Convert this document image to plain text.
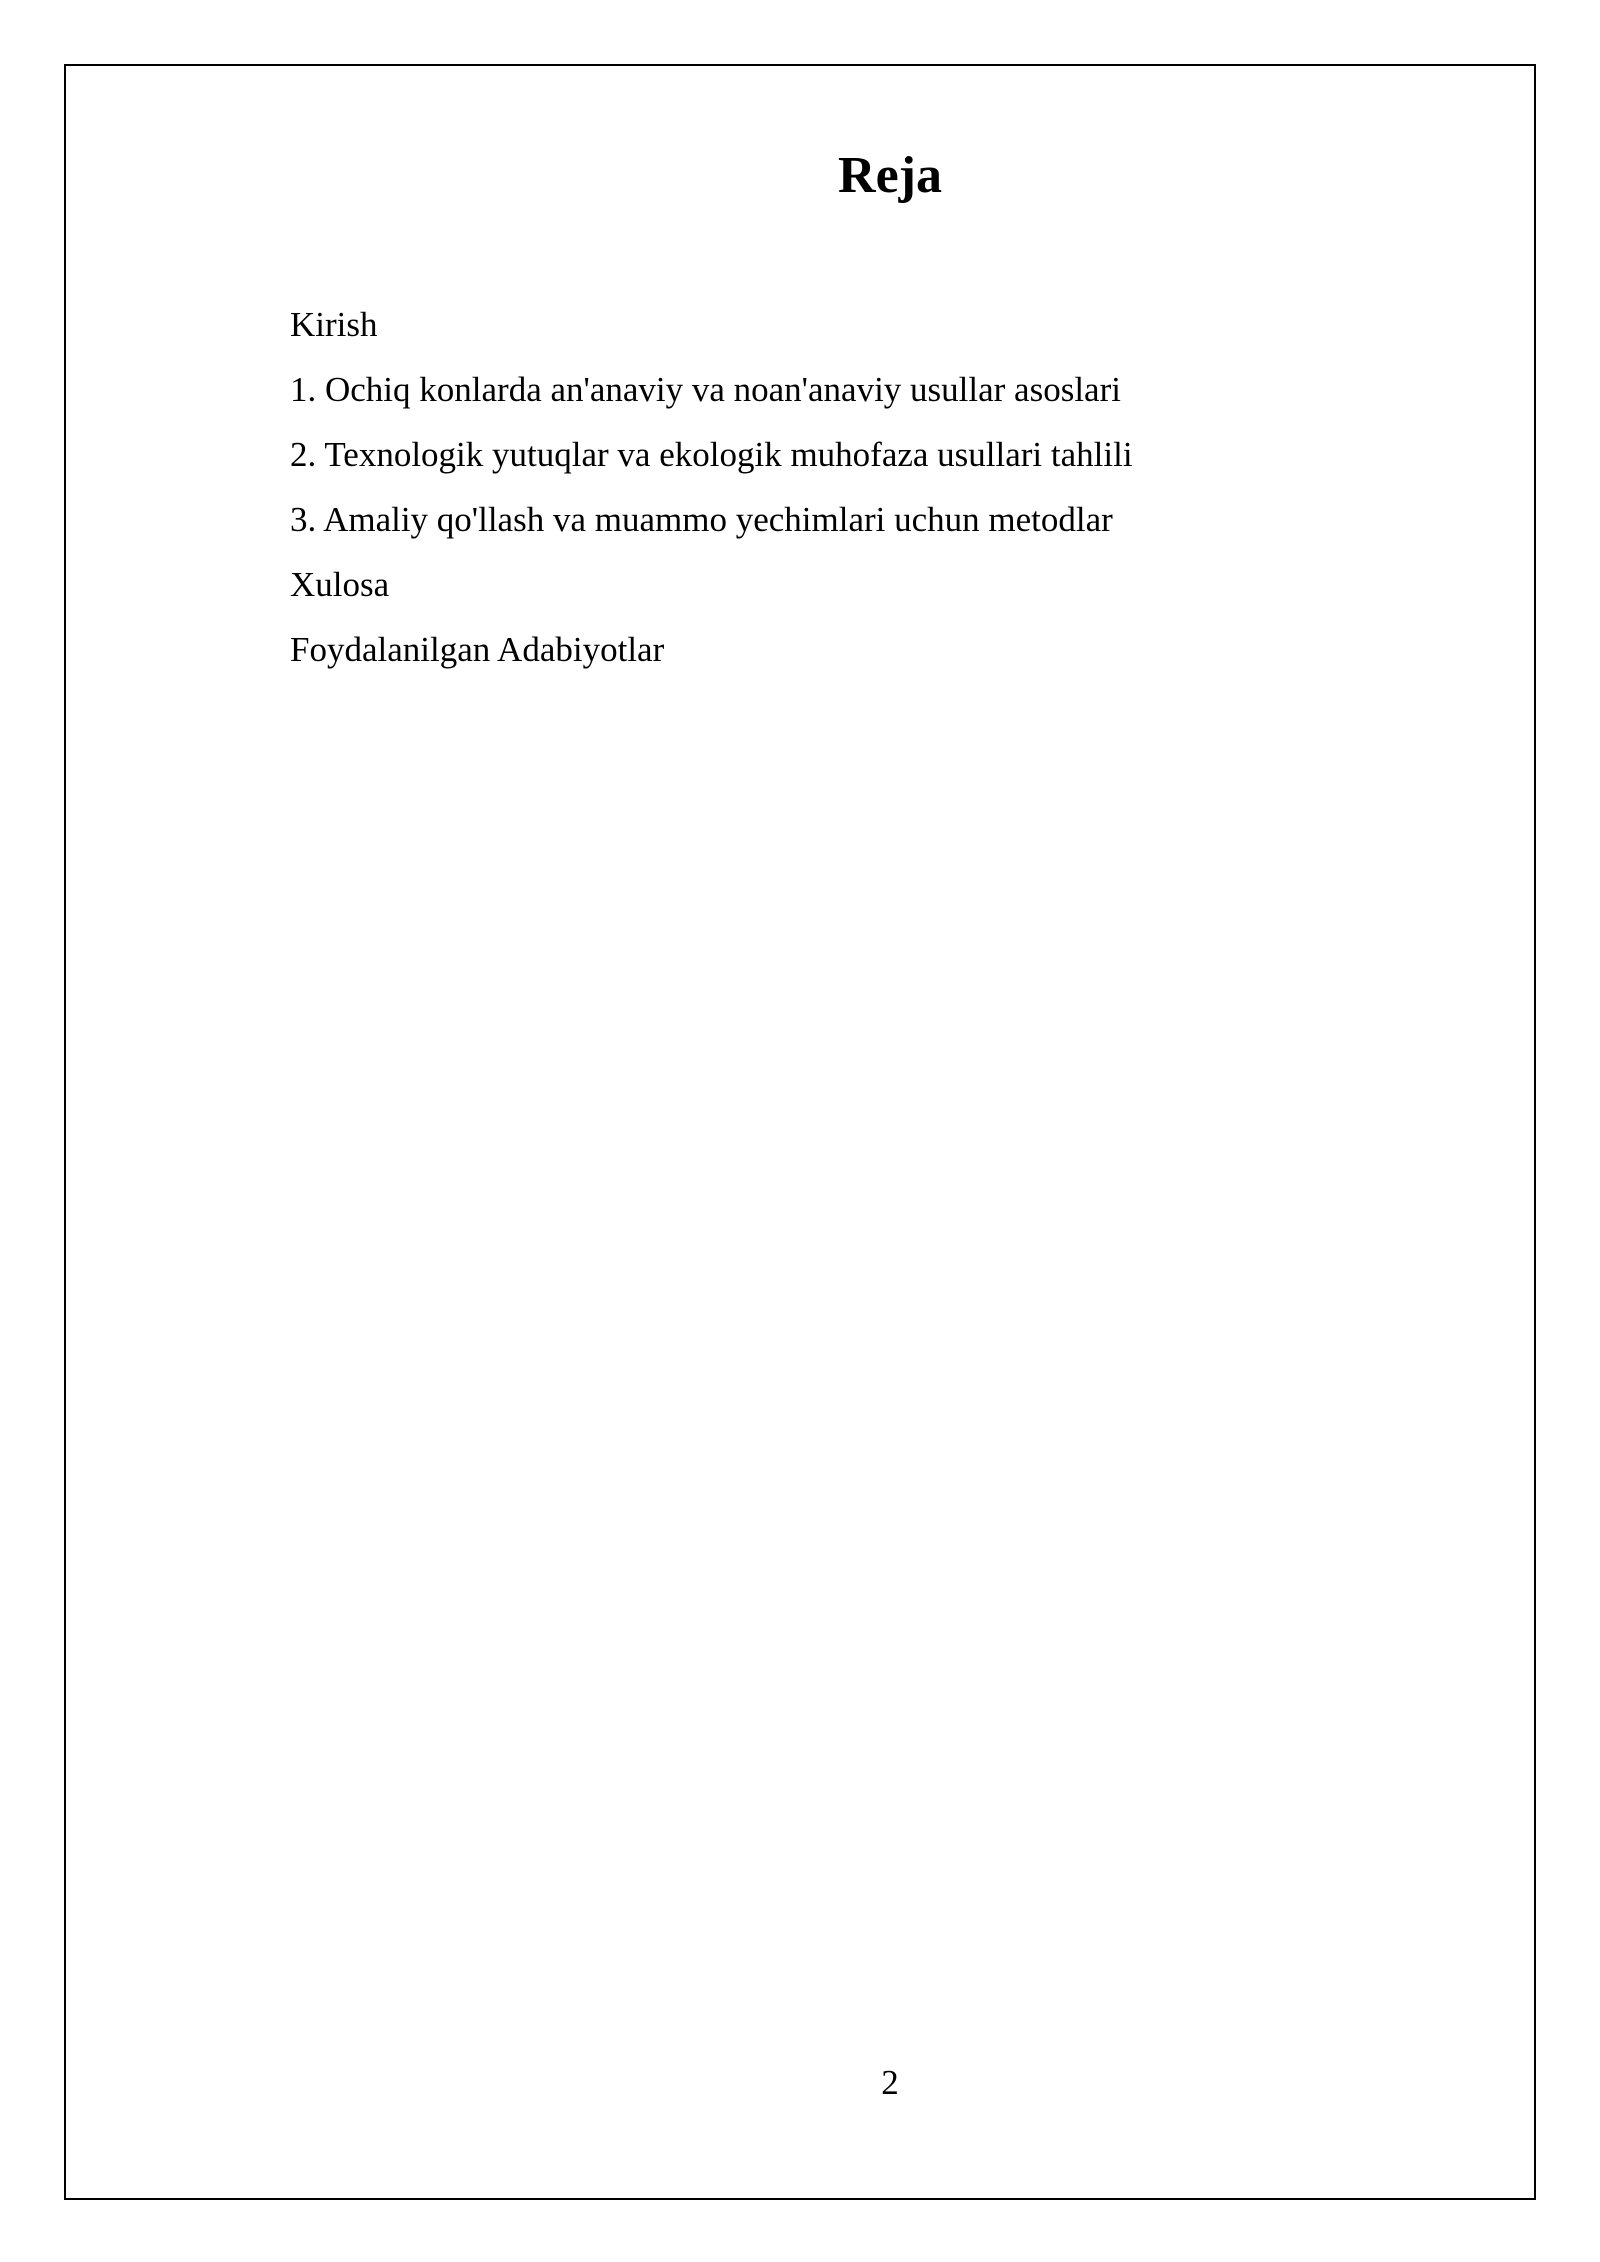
Reja
Kirish
1. Ochiq konlarda an'anaviy va noan'anaviy usullar asoslari
2. Texnologik yutuqlar va ekologik muhofaza usullari tahlili
3. Amaliy qo'llash va muammo yechimlari uchun metodlar
Xulosa
Foydalanilgan Adabiyotlar
2
